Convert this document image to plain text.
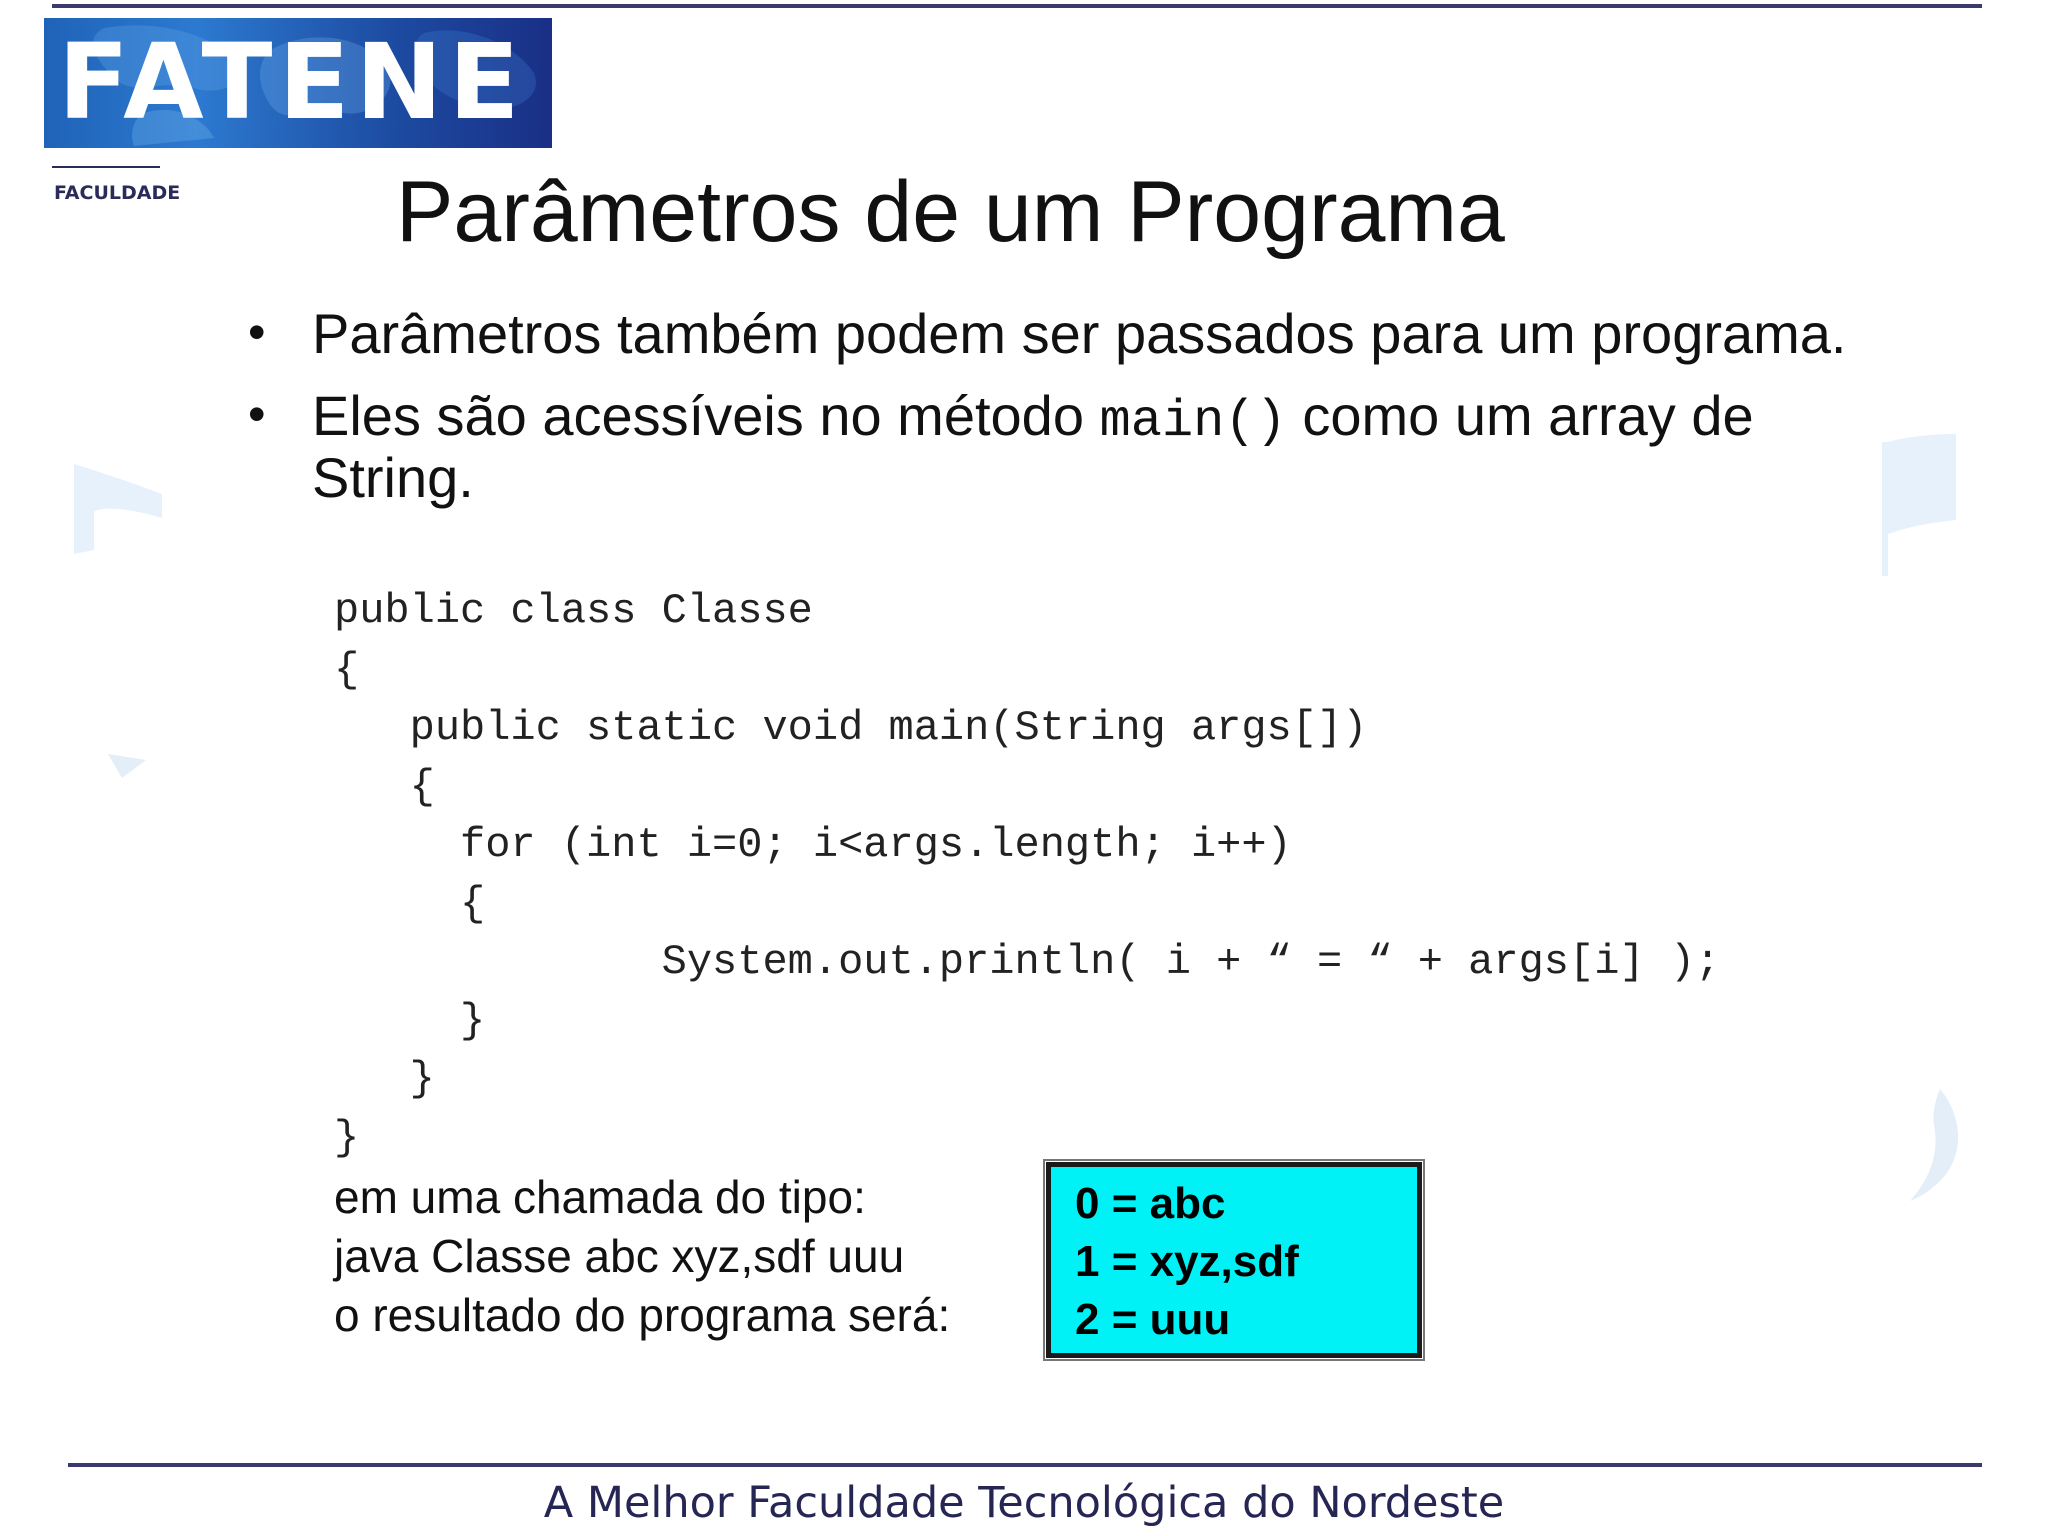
FATENE
FACULDADE	Parâmetros de um Programa
• Parâmetros também podem ser passados para um programa.
• Eles são acessíveis no método main() como um array de String.
public class Classe
{
public static void main(String args[])
{
for (int i=0; i<args.length; i++)
{
System.out.println( i + “ = “ + args[i] );
}
}
}
em uma chamada do tipo:
java Classe abc xyz,sdf uuu
o resultado do programa será:
0 = abc
1 = xyz,sdf
2 = uuu
A Melhor Faculdade Tecnológica do Nordeste
